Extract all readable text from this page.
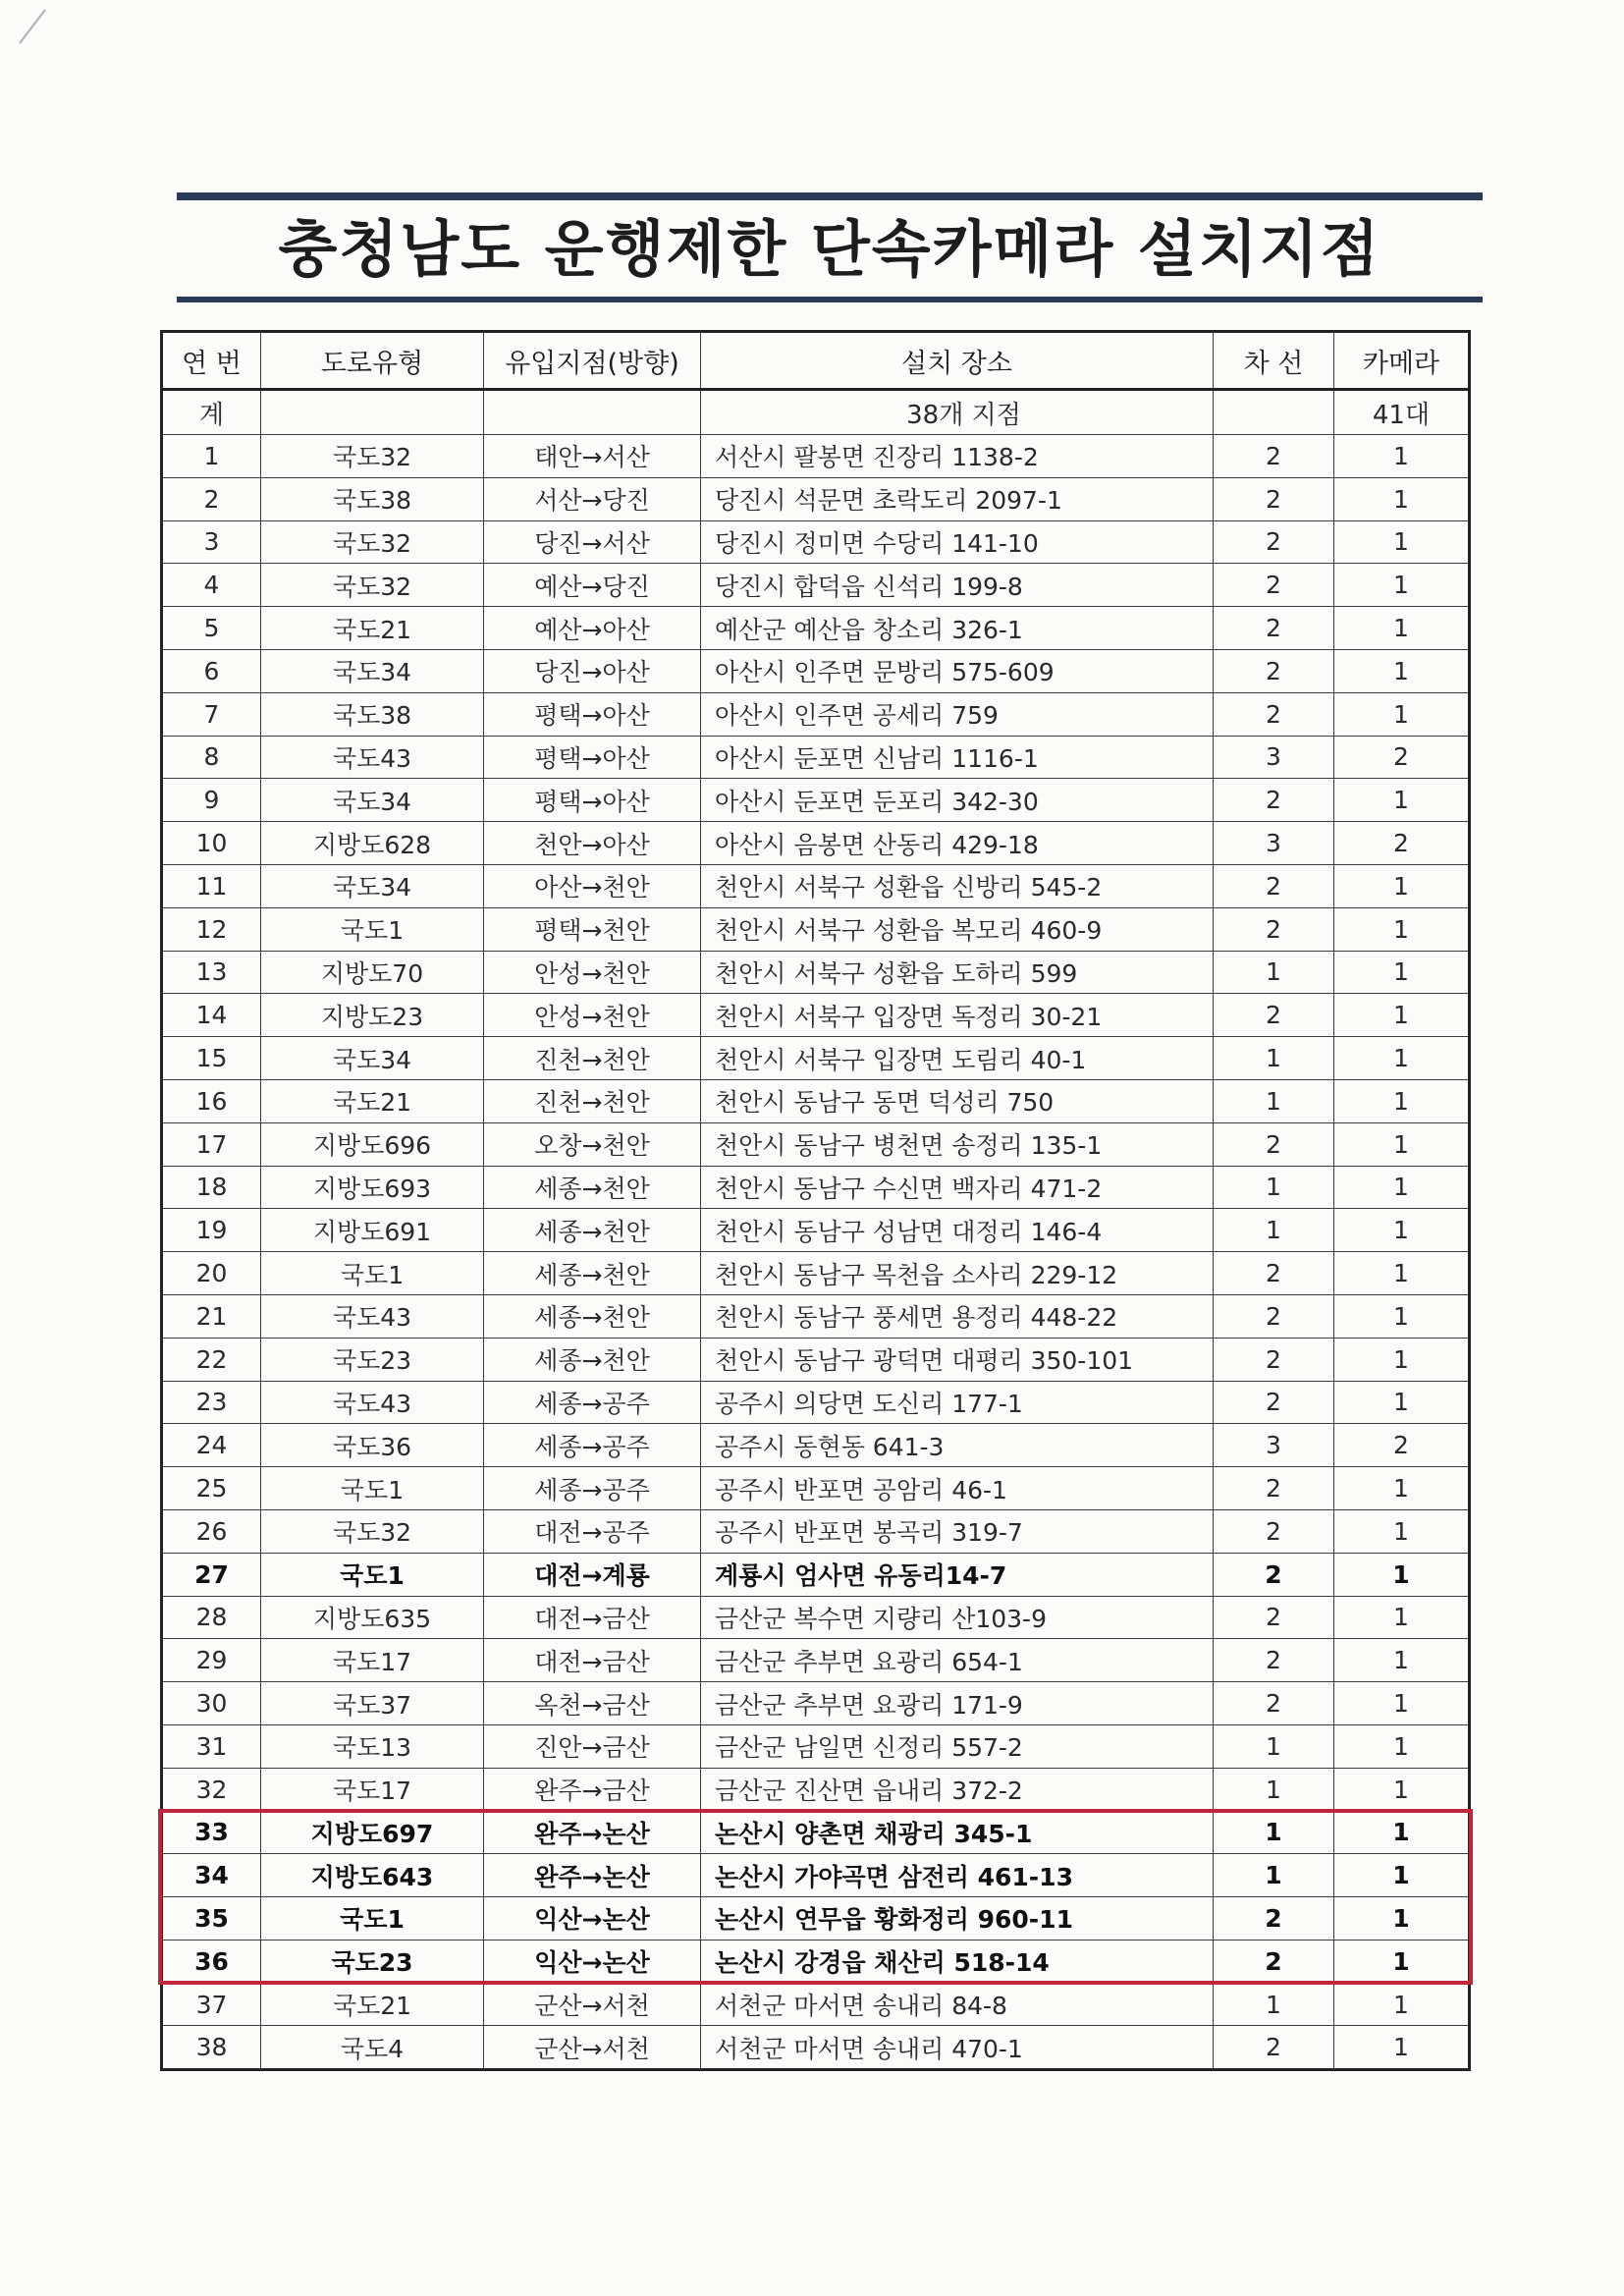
충청남도 운행제한 단속카메라 설치지점
연 번	도로유형	유입지점(방향)	설치 장소	차 선	카메라
계			38개 지점		41대
1	국도32	태안→서산	서산시 팔봉면 진장리 1138-2	2	1
2	국도38	서산→당진	당진시 석문면 초락도리 2097-1	2	1
3	국도32	당진→서산	당진시 정미면 수당리 141-10	2	1
4	국도32	예산→당진	당진시 합덕읍 신석리 199-8	2	1
5	국도21	예산→아산	예산군 예산읍 창소리 326-1	2	1
6	국도34	당진→아산	아산시 인주면 문방리 575-609	2	1
7	국도38	평택→아산	아산시 인주면 공세리 759	2	1
8	국도43	평택→아산	아산시 둔포면 신남리 1116-1	3	2
9	국도34	평택→아산	아산시 둔포면 둔포리 342-30	2	1
10	지방도628	천안→아산	아산시 음봉면 산동리 429-18	3	2
11	국도34	아산→천안	천안시 서북구 성환읍 신방리 545-2	2	1
12	국도1	평택→천안	천안시 서북구 성환읍 복모리 460-9	2	1
13	지방도70	안성→천안	천안시 서북구 성환읍 도하리 599	1	1
14	지방도23	안성→천안	천안시 서북구 입장면 독정리 30-21	2	1
15	국도34	진천→천안	천안시 서북구 입장면 도림리 40-1	1	1
16	국도21	진천→천안	천안시 동남구 동면 덕성리 750	1	1
17	지방도696	오창→천안	천안시 동남구 병천면 송정리 135-1	2	1
18	지방도693	세종→천안	천안시 동남구 수신면 백자리 471-2	1	1
19	지방도691	세종→천안	천안시 동남구 성남면 대정리 146-4	1	1
20	국도1	세종→천안	천안시 동남구 목천읍 소사리 229-12	2	1
21	국도43	세종→천안	천안시 동남구 풍세면 용정리 448-22	2	1
22	국도23	세종→천안	천안시 동남구 광덕면 대평리 350-101	2	1
23	국도43	세종→공주	공주시 의당면 도신리 177-1	2	1
24	국도36	세종→공주	공주시 동현동 641-3	3	2
25	국도1	세종→공주	공주시 반포면 공암리 46-1	2	1
26	국도32	대전→공주	공주시 반포면 봉곡리 319-7	2	1
27	국도1	대전→계룡	계룡시 엄사면 유동리14-7	2	1
28	지방도635	대전→금산	금산군 복수면 지량리 산103-9	2	1
29	국도17	대전→금산	금산군 추부면 요광리 654-1	2	1
30	국도37	옥천→금산	금산군 추부면 요광리 171-9	2	1
31	국도13	진안→금산	금산군 남일면 신정리 557-2	1	1
32	국도17	완주→금산	금산군 진산면 읍내리 372-2	1	1
33	지방도697	완주→논산	논산시 양촌면 채광리 345-1	1	1
34	지방도643	완주→논산	논산시 가야곡면 삼전리 461-13	1	1
35	국도1	익산→논산	논산시 연무읍 황화정리 960-11	2	1
36	국도23	익산→논산	논산시 강경읍 채산리 518-14	2	1
37	국도21	군산→서천	서천군 마서면 송내리 84-8	1	1
38	국도4	군산→서천	서천군 마서면 송내리 470-1	2	1
